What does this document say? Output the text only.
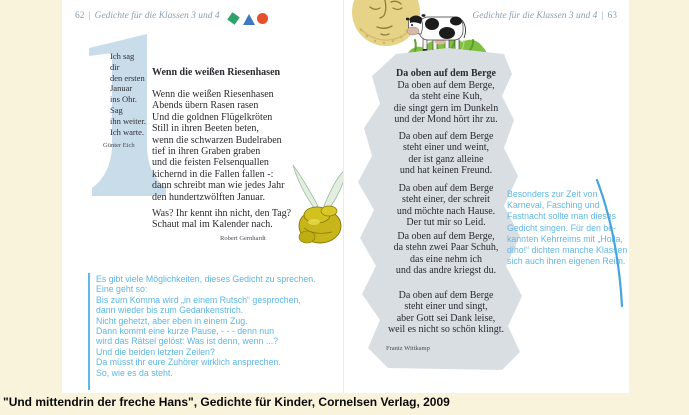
62 | Gedichte für die Klassen 3 und 4
Ich sag
dir
den ersten
Januar
ins Ohr.
Sag
ihn weiter.
Ich warte.
Günter Eich
Wenn die weißen Riesenhasen
Wenn die weißen Riesenhasen
Abends übern Rasen rasen
Und die goldnen Flügelkröten
Still in ihren Beeten beten,
wenn die schwarzen Budelraben
tief in ihren Graben graben
und die feisten Felsenquallen
kichernd in die Fallen fallen -:
dann schreibt man wie jedes Jahr
den hundertzwölften Januar.
Was? Ihr kennt ihn nicht, den Tag?
Schaut mal im Kalender nach.
Robert Gernhardt
Es gibt viele Möglichkeiten, dieses Gedicht zu sprechen.
Eine geht so:
Bis zum Komma wird „in einem Rutsch“ gesprochen,
dann wieder bis zum Gedankenstrich.
Nicht gehetzt, aber eben in einem Zug.
Dann kommt eine kurze Pause, - - - denn nun
wird das Rätsel gelöst: Was ist denn, wenn ...?
Und die beiden letzten Zeilen?
Da müsst ihr eure Zuhörer wirklich ansprechen.
So, wie es da steht.
Gedichte für die Klassen 3 und 4 | 63
Da oben auf dem Berge
Da oben auf dem Berge,
da steht eine Kuh,
die singt gern im Dunkeln
und der Mond hört ihr zu.
Da oben auf dem Berge
steht einer und weint,
der ist ganz alleine
und hat keinen Freund.
Da oben auf dem Berge
steht einer, der schreit
und möchte nach Hause.
Der tut mir so Leid.
Da oben auf dem Berge,
da stehn zwei Paar Schuh,
das eine nehm ich
und das andre kriegst du.
Da oben auf dem Berge
steht einer und singt,
aber Gott sei Dank leise,
weil es nicht so schön klingt.
Frantz Wittkamp
Besonders zur Zeit von
Karneval, Fasching und
Fastnacht sollte man dieses
Gedicht singen. Für den be-
kannten Kehrreims mit „Holla,
diho!“ dichten manche Klassen
sich auch ihren eigenen Reim.
"Und mittendrin der freche Hans", Gedichte für Kinder, Cornelsen Verlag, 2009
